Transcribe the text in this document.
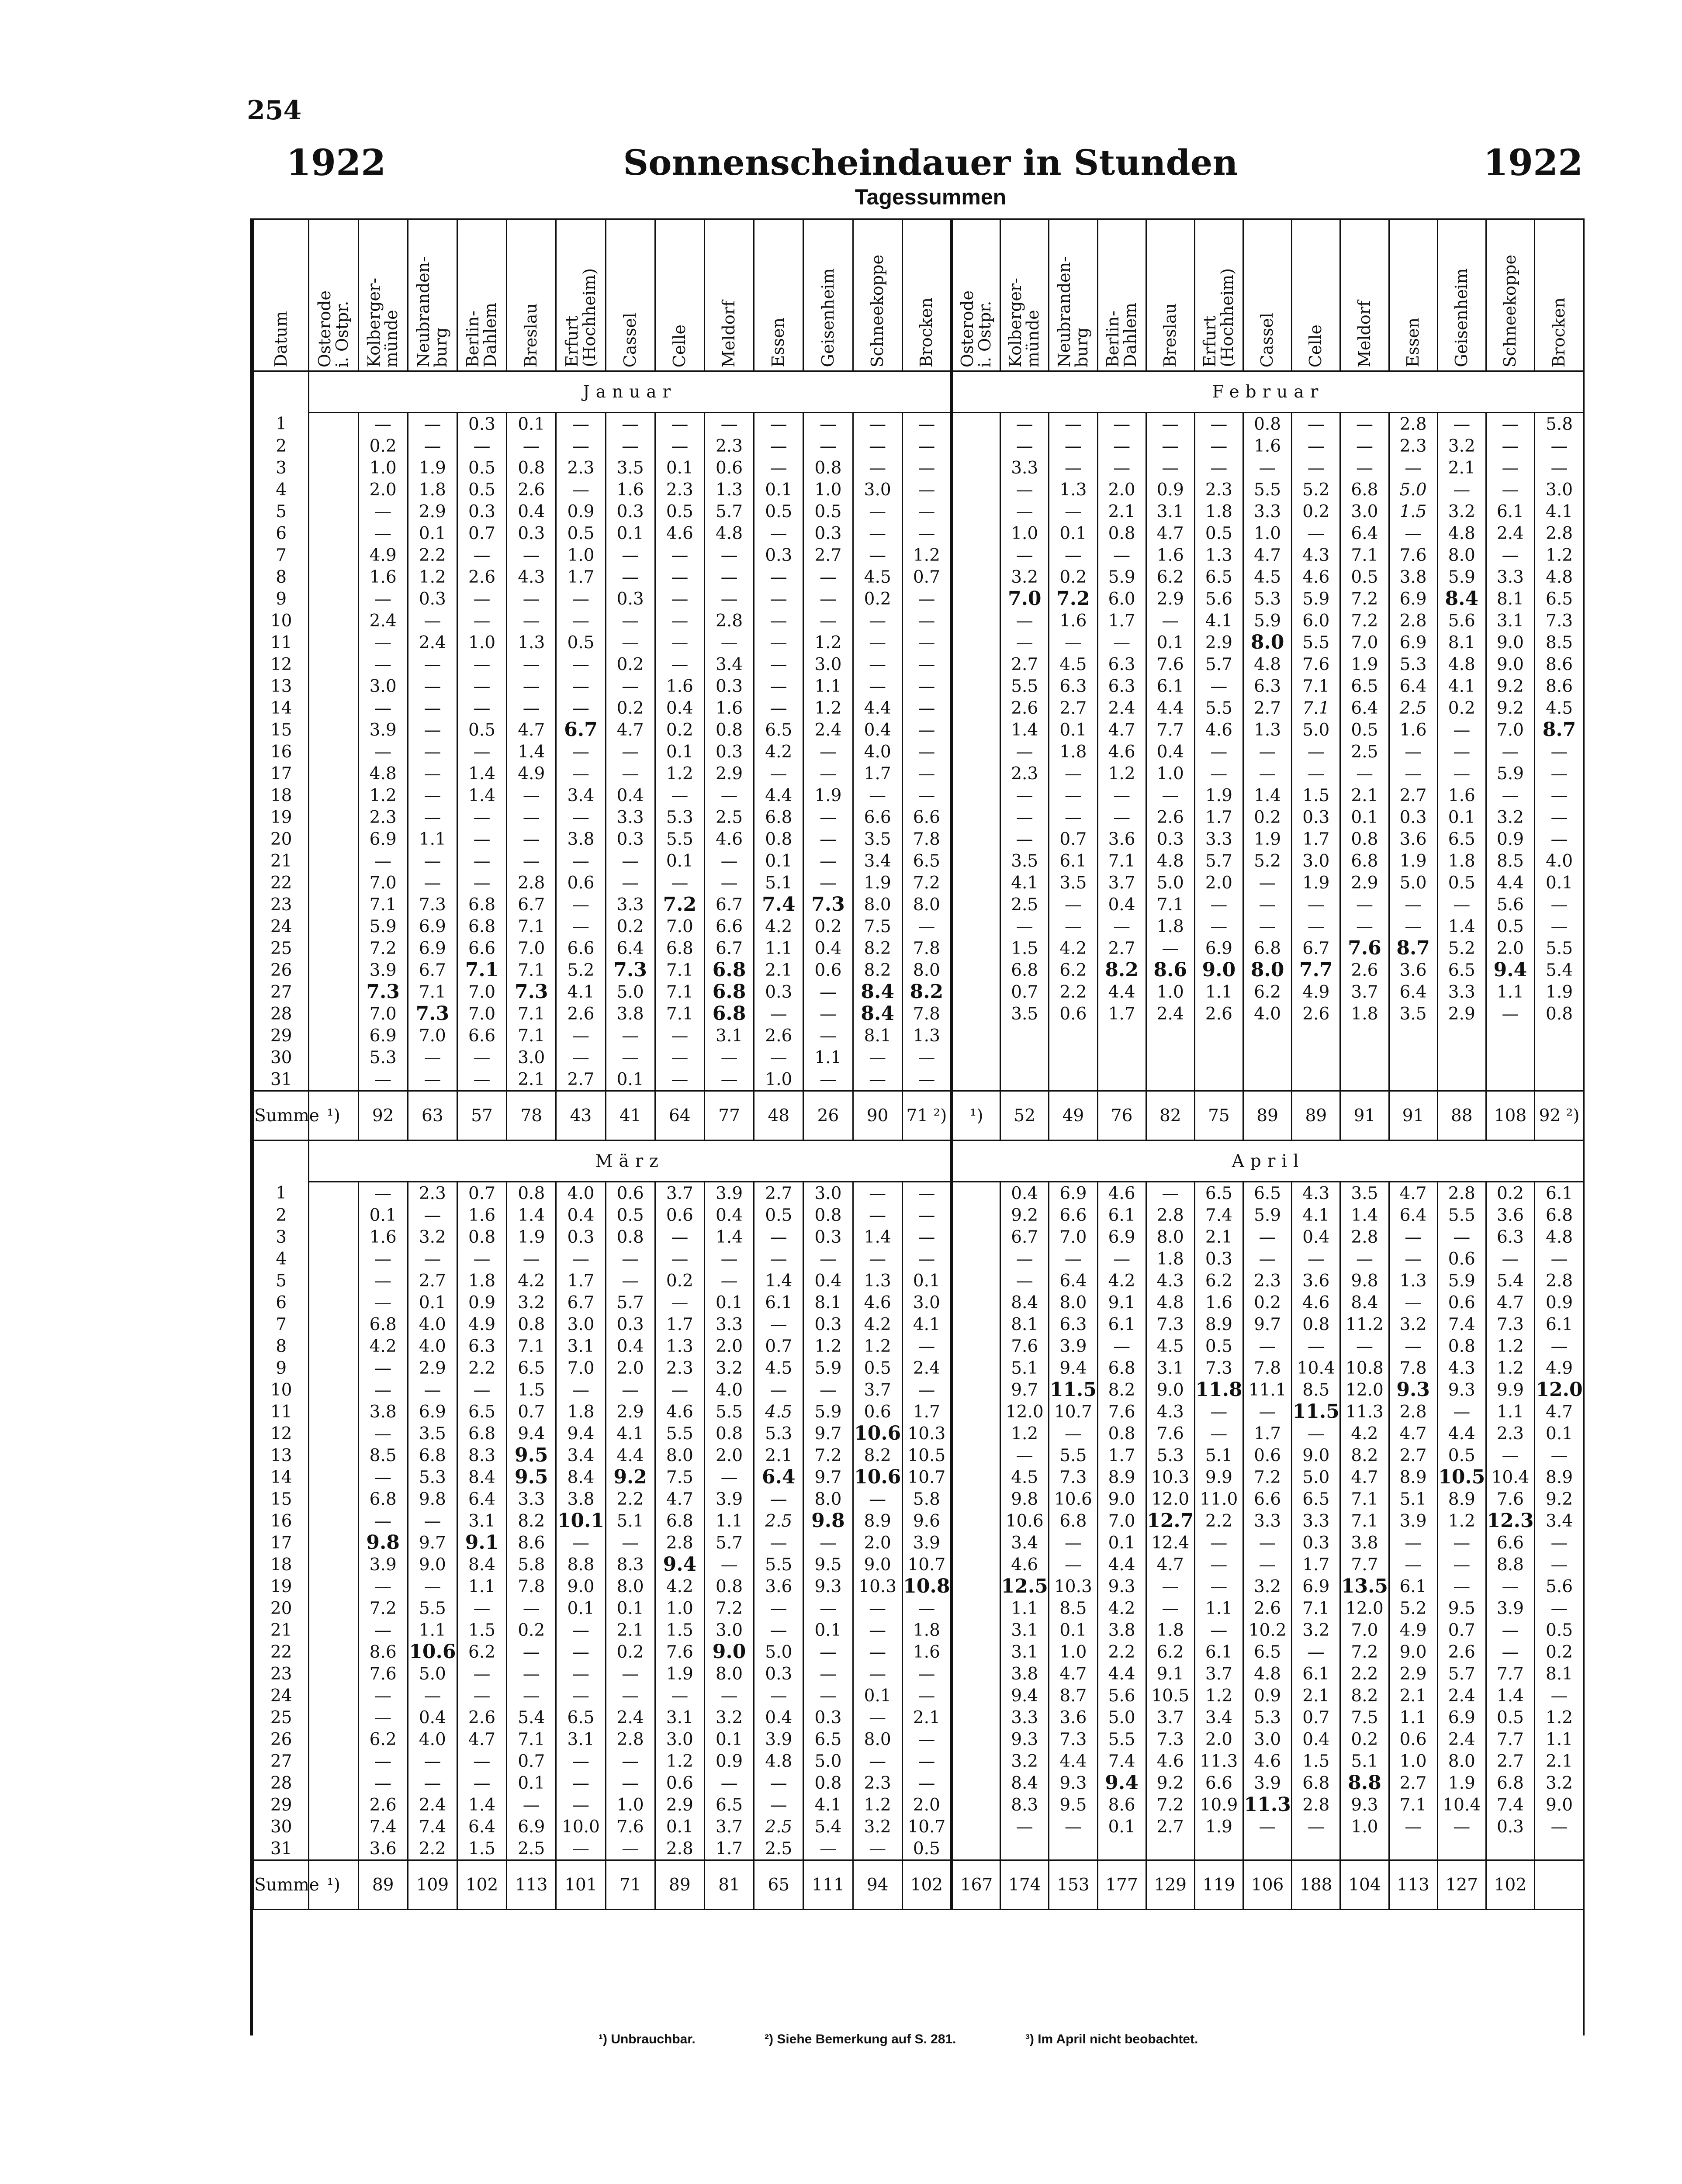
254
1922	Sonnenscheindauer in Stunden	1922
Tagessummen
Datum	Osterode
i. Ostpr.	Kolberger-
münde	Neubranden-
burg	Berlin-
Dahlem	Breslau	Erfurt
(Hochheim)	Cassel	Celle	Meldorf	Essen	Geisenheim	Schneekoppe	Brocken	Osterode
i. Ostpr.	Kolberger-
münde	Neubranden-
burg	Berlin-
Dahlem	Breslau	Erfurt
(Hochheim)	Cassel	Celle	Meldorf	Essen	Geisenheim	Schneekoppe	Brocken
	Januar													Februar												
1		—	—	0.3	0.1	—	—	—	—	—	—	—	—		—	—	—	—	—	0.8	—	—	2.8	—	—	5.8
2		0.2	—	—	—	—	—	—	2.3	—	—	—	—		—	—	—	—	—	1.6	—	—	2.3	3.2	—	—
3		1.0	1.9	0.5	0.8	2.3	3.5	0.1	0.6	—	0.8	—	—		3.3	—	—	—	—	—	—	—	—	2.1	—	—
4		2.0	1.8	0.5	2.6	—	1.6	2.3	1.3	0.1	1.0	3.0	—		—	1.3	2.0	0.9	2.3	5.5	5.2	6.8	5.0	—	—	3.0
5		—	2.9	0.3	0.4	0.9	0.3	0.5	5.7	0.5	0.5	—	—		—	—	2.1	3.1	1.8	3.3	0.2	3.0	1.5	3.2	6.1	4.1
6		—	0.1	0.7	0.3	0.5	0.1	4.6	4.8	—	0.3	—	—		1.0	0.1	0.8	4.7	0.5	1.0	—	6.4	—	4.8	2.4	2.8
7		4.9	2.2	—	—	1.0	—	—	—	0.3	2.7	—	1.2		—	—	—	1.6	1.3	4.7	4.3	7.1	7.6	8.0	—	1.2
8		1.6	1.2	2.6	4.3	1.7	—	—	—	—	—	4.5	0.7		3.2	0.2	5.9	6.2	6.5	4.5	4.6	0.5	3.8	5.9	3.3	4.8
9		—	0.3	—	—	—	0.3	—	—	—	—	0.2	—		7.0	7.2	6.0	2.9	5.6	5.3	5.9	7.2	6.9	8.4	8.1	6.5
10		2.4	—	—	—	—	—	—	2.8	—	—	—	—		—	1.6	1.7	—	4.1	5.9	6.0	7.2	2.8	5.6	3.1	7.3
11		—	2.4	1.0	1.3	0.5	—	—	—	—	1.2	—	—		—	—	—	0.1	2.9	8.0	5.5	7.0	6.9	8.1	9.0	8.5
12		—	—	—	—	—	0.2	—	3.4	—	3.0	—	—		2.7	4.5	6.3	7.6	5.7	4.8	7.6	1.9	5.3	4.8	9.0	8.6
13		3.0	—	—	—	—	—	1.6	0.3	—	1.1	—	—		5.5	6.3	6.3	6.1	—	6.3	7.1	6.5	6.4	4.1	9.2	8.6
14		—	—	—	—	—	0.2	0.4	1.6	—	1.2	4.4	—		2.6	2.7	2.4	4.4	5.5	2.7	7.1	6.4	2.5	0.2	9.2	4.5
15		3.9	—	0.5	4.7	6.7	4.7	0.2	0.8	6.5	2.4	0.4	—		1.4	0.1	4.7	7.7	4.6	1.3	5.0	0.5	1.6	—	7.0	8.7
16		—	—	—	1.4	—	—	0.1	0.3	4.2	—	4.0	—		—	1.8	4.6	0.4	—	—	—	2.5	—	—	—	—
17		4.8	—	1.4	4.9	—	—	1.2	2.9	—	—	1.7	—		2.3	—	1.2	1.0	—	—	—	—	—	—	5.9	—
18		1.2	—	1.4	—	3.4	0.4	—	—	4.4	1.9	—	—		—	—	—	—	1.9	1.4	1.5	2.1	2.7	1.6	—	—
19		2.3	—	—	—	—	3.3	5.3	2.5	6.8	—	6.6	6.6		—	—	—	2.6	1.7	0.2	0.3	0.1	0.3	0.1	3.2	—
20		6.9	1.1	—	—	3.8	0.3	5.5	4.6	0.8	—	3.5	7.8		—	0.7	3.6	0.3	3.3	1.9	1.7	0.8	3.6	6.5	0.9	—
21		—	—	—	—	—	—	0.1	—	0.1	—	3.4	6.5		3.5	6.1	7.1	4.8	5.7	5.2	3.0	6.8	1.9	1.8	8.5	4.0
22		7.0	—	—	2.8	0.6	—	—	—	5.1	—	1.9	7.2		4.1	3.5	3.7	5.0	2.0	—	1.9	2.9	5.0	0.5	4.4	0.1
23		7.1	7.3	6.8	6.7	—	3.3	7.2	6.7	7.4	7.3	8.0	8.0		2.5	—	0.4	7.1	—	—	—	—	—	—	5.6	—
24		5.9	6.9	6.8	7.1	—	0.2	7.0	6.6	4.2	0.2	7.5	—		—	—	—	1.8	—	—	—	—	—	1.4	0.5	—
25		7.2	6.9	6.6	7.0	6.6	6.4	6.8	6.7	1.1	0.4	8.2	7.8		1.5	4.2	2.7	—	6.9	6.8	6.7	7.6	8.7	5.2	2.0	5.5
26		3.9	6.7	7.1	7.1	5.2	7.3	7.1	6.8	2.1	0.6	8.2	8.0		6.8	6.2	8.2	8.6	9.0	8.0	7.7	2.6	3.6	6.5	9.4	5.4
27		7.3	7.1	7.0	7.3	4.1	5.0	7.1	6.8	0.3	—	8.4	8.2		0.7	2.2	4.4	1.0	1.1	6.2	4.9	3.7	6.4	3.3	1.1	1.9
28		7.0	7.3	7.0	7.1	2.6	3.8	7.1	6.8	—	—	8.4	7.8		3.5	0.6	1.7	2.4	2.6	4.0	2.6	1.8	3.5	2.9	—	0.8
29		6.9	7.0	6.6	7.1	—	—	—	3.1	2.6	—	8.1	1.3													
30		5.3	—	—	3.0	—	—	—	—	—	1.1	—	—													
31		—	—	—	2.1	2.7	0.1	—	—	1.0	—	—	—													
Summe	¹)	92	63	57	78	43	41	64	77	48	26	90	71 ²)	¹)	52	49	76	82	75	89	89	91	91	88	108	92 ²)
	März													April												
1		—	2.3	0.7	0.8	4.0	0.6	3.7	3.9	2.7	3.0	—	—		0.4	6.9	4.6	—	6.5	6.5	4.3	3.5	4.7	2.8	0.2	6.1
2		0.1	—	1.6	1.4	0.4	0.5	0.6	0.4	0.5	0.8	—	—		9.2	6.6	6.1	2.8	7.4	5.9	4.1	1.4	6.4	5.5	3.6	6.8
3		1.6	3.2	0.8	1.9	0.3	0.8	—	1.4	—	0.3	1.4	—		6.7	7.0	6.9	8.0	2.1	—	0.4	2.8	—	—	6.3	4.8
4		—	—	—	—	—	—	—	—	—	—	—	—		—	—	—	1.8	0.3	—	—	—	—	0.6	—	—
5		—	2.7	1.8	4.2	1.7	—	0.2	—	1.4	0.4	1.3	0.1		—	6.4	4.2	4.3	6.2	2.3	3.6	9.8	1.3	5.9	5.4	2.8
6		—	0.1	0.9	3.2	6.7	5.7	—	0.1	6.1	8.1	4.6	3.0		8.4	8.0	9.1	4.8	1.6	0.2	4.6	8.4	—	0.6	4.7	0.9
7		6.8	4.0	4.9	0.8	3.0	0.3	1.7	3.3	—	0.3	4.2	4.1		8.1	6.3	6.1	7.3	8.9	9.7	0.8	11.2	3.2	7.4	7.3	6.1
8		4.2	4.0	6.3	7.1	3.1	0.4	1.3	2.0	0.7	1.2	1.2	—		7.6	3.9	—	4.5	0.5	—	—	—	—	0.8	1.2	—
9		—	2.9	2.2	6.5	7.0	2.0	2.3	3.2	4.5	5.9	0.5	2.4		5.1	9.4	6.8	3.1	7.3	7.8	10.4	10.8	7.8	4.3	1.2	4.9
10		—	—	—	1.5	—	—	—	4.0	—	—	3.7	—		9.7	11.5	8.2	9.0	11.8	11.1	8.5	12.0	9.3	9.3	9.9	12.0
11		3.8	6.9	6.5	0.7	1.8	2.9	4.6	5.5	4.5	5.9	0.6	1.7		12.0	10.7	7.6	4.3	—	—	11.5	11.3	2.8	—	1.1	4.7
12		—	3.5	6.8	9.4	9.4	4.1	5.5	0.8	5.3	9.7	10.6	10.3		1.2	—	0.8	7.6	—	1.7	—	4.2	4.7	4.4	2.3	0.1
13		8.5	6.8	8.3	9.5	3.4	4.4	8.0	2.0	2.1	7.2	8.2	10.5		—	5.5	1.7	5.3	5.1	0.6	9.0	8.2	2.7	0.5	—	—
14		—	5.3	8.4	9.5	8.4	9.2	7.5	—	6.4	9.7	10.6	10.7		4.5	7.3	8.9	10.3	9.9	7.2	5.0	4.7	8.9	10.5	10.4	8.9
15		6.8	9.8	6.4	3.3	3.8	2.2	4.7	3.9	—	8.0	—	5.8		9.8	10.6	9.0	12.0	11.0	6.6	6.5	7.1	5.1	8.9	7.6	9.2
16		—	—	3.1	8.2	10.1	5.1	6.8	1.1	2.5	9.8	8.9	9.6		10.6	6.8	7.0	12.7	2.2	3.3	3.3	7.1	3.9	1.2	12.3	3.4
17		9.8	9.7	9.1	8.6	—	—	2.8	5.7	—	—	2.0	3.9		3.4	—	0.1	12.4	—	—	0.3	3.8	—	—	6.6	—
18		3.9	9.0	8.4	5.8	8.8	8.3	9.4	—	5.5	9.5	9.0	10.7		4.6	—	4.4	4.7	—	—	1.7	7.7	—	—	8.8	—
19		—	—	1.1	7.8	9.0	8.0	4.2	0.8	3.6	9.3	10.3	10.8		12.5	10.3	9.3	—	—	3.2	6.9	13.5	6.1	—	—	5.6
20		7.2	5.5	—	—	0.1	0.1	1.0	7.2	—	—	—	—		1.1	8.5	4.2	—	1.1	2.6	7.1	12.0	5.2	9.5	3.9	—
21		—	1.1	1.5	0.2	—	2.1	1.5	3.0	—	0.1	—	1.8		3.1	0.1	3.8	1.8	—	10.2	3.2	7.0	4.9	0.7	—	0.5
22		8.6	10.6	6.2	—	—	0.2	7.6	9.0	5.0	—	—	1.6		3.1	1.0	2.2	6.2	6.1	6.5	—	7.2	9.0	2.6	—	0.2
23		7.6	5.0	—	—	—	—	1.9	8.0	0.3	—	—	—		3.8	4.7	4.4	9.1	3.7	4.8	6.1	2.2	2.9	5.7	7.7	8.1
24		—	—	—	—	—	—	—	—	—	—	0.1	—		9.4	8.7	5.6	10.5	1.2	0.9	2.1	8.2	2.1	2.4	1.4	—
25		—	0.4	2.6	5.4	6.5	2.4	3.1	3.2	0.4	0.3	—	2.1		3.3	3.6	5.0	3.7	3.4	5.3	0.7	7.5	1.1	6.9	0.5	1.2
26		6.2	4.0	4.7	7.1	3.1	2.8	3.0	0.1	3.9	6.5	8.0	—		9.3	7.3	5.5	7.3	2.0	3.0	0.4	0.2	0.6	2.4	7.7	1.1
27		—	—	—	0.7	—	—	1.2	0.9	4.8	5.0	—	—		3.2	4.4	7.4	4.6	11.3	4.6	1.5	5.1	1.0	8.0	2.7	2.1
28		—	—	—	0.1	—	—	0.6	—	—	0.8	2.3	—		8.4	9.3	9.4	9.2	6.6	3.9	6.8	8.8	2.7	1.9	6.8	3.2
29		2.6	2.4	1.4	—	—	1.0	2.9	6.5	—	4.1	1.2	2.0		8.3	9.5	8.6	7.2	10.9	11.3	2.8	9.3	7.1	10.4	7.4	9.0
30		7.4	7.4	6.4	6.9	10.0	7.6	0.1	3.7	2.5	5.4	3.2	10.7		—	—	0.1	2.7	1.9	—	—	1.0	—	—	0.3	—
31		3.6	2.2	1.5	2.5	—	—	2.8	1.7	2.5	—	—	0.5													
Summe	¹)	89	109	102	113	101	71	89	81	65	111	94	102	167	174	153	177	129	119	106	188	104	113	127	102	
¹) Unbrauchbar.	²) Siehe Bemerkung auf S. 281.	³) Im April nicht beobachtet.
